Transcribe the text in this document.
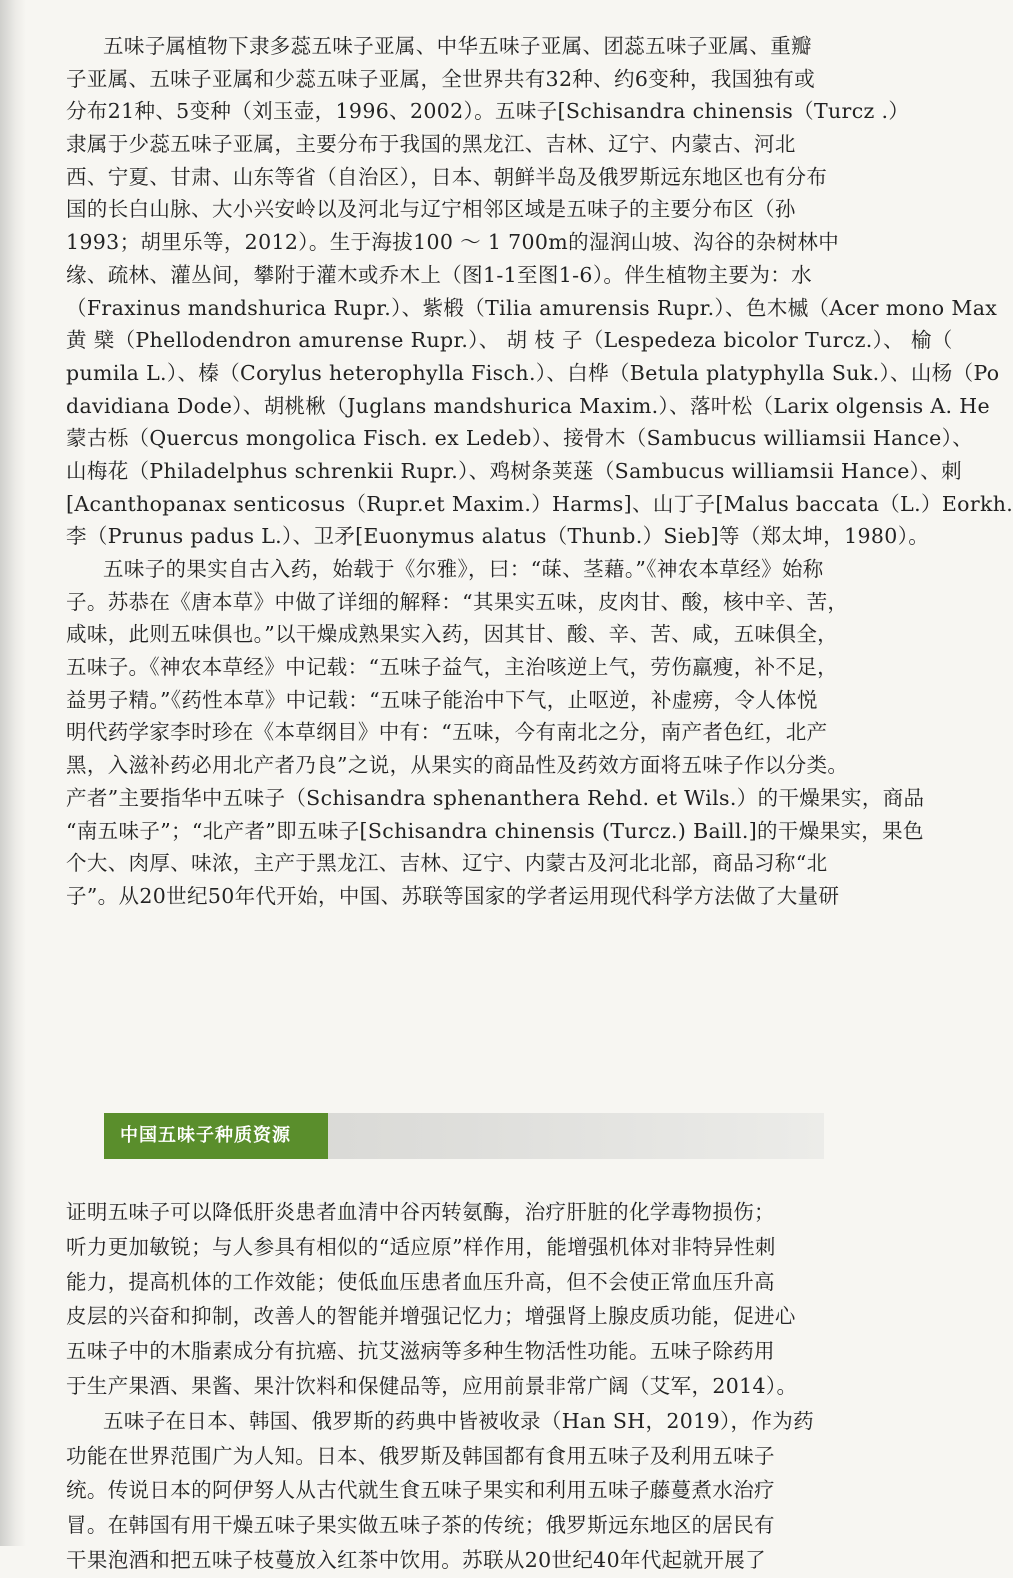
五味子属植物下隶多蕊五味子亚属、中华五味子亚属、团蕊五味子亚属、重瓣
子亚属、五味子亚属和少蕊五味子亚属，全世界共有32种、约6变种，我国独有或
分布21种、5变种（刘玉壶，1996、2002）。五味子[Schisandra chinensis（Turcz .）
隶属于少蕊五味子亚属，主要分布于我国的黑龙江、吉林、辽宁、内蒙古、河北
西、宁夏、甘肃、山东等省（自治区），日本、朝鲜半岛及俄罗斯远东地区也有分布
国的长白山脉、大小兴安岭以及河北与辽宁相邻区域是五味子的主要分布区（孙
1993；胡里乐等，2012）。生于海拔100 ～ 1 700m的湿润山坡、沟谷的杂树林中
缘、疏林、灌丛间，攀附于灌木或乔木上（图1-1至图1-6）。伴生植物主要为：水
（Fraxinus mandshurica Rupr.）、紫椴（Tilia amurensis Rupr.）、色木槭（Acer mono Max
黄 檗（Phellodendron amurense Rupr.）、 胡 枝 子（Lespedeza bicolor Turcz.）、 榆（
pumila L.）、榛（Corylus heterophylla Fisch.）、白桦（Betula platyphylla Suk.）、山杨（Po
davidiana Dode）、胡桃楸（Juglans mandshurica Maxim.）、落叶松（Larix olgensis A. He
蒙古栎（Quercus mongolica Fisch. ex Ledeb）、接骨木（Sambucus williamsii Hance）、
山梅花（Philadelphus schrenkii Rupr.）、鸡树条荚蒾（Sambucus williamsii Hance）、刺
[Acanthopanax senticosus（Rupr.et Maxim.）Harms]、山丁子[Malus baccata（L.）Eorkh.
李（Prunus padus L.）、卫矛[Euonymus alatus（Thunb.）Sieb]等（郑太坤，1980）。
五味子的果实自古入药，始载于《尔雅》，曰：“菋、茎藉。”《神农本草经》始称
子。苏恭在《唐本草》中做了详细的解释：“其果实五味，皮肉甘、酸，核中辛、苦，
咸味，此则五味俱也。”以干燥成熟果实入药，因其甘、酸、辛、苦、咸，五味俱全，
五味子。《神农本草经》中记载：“五味子益气，主治咳逆上气，劳伤羸瘦，补不足，
益男子精。”《药性本草》中记载：“五味子能治中下气，止呕逆，补虚痨，令人体悦
明代药学家李时珍在《本草纲目》中有：“五味，今有南北之分，南产者色红，北产
黑，入滋补药必用北产者乃良”之说，从果实的商品性及药效方面将五味子作以分类。
产者”主要指华中五味子（Schisandra sphenanthera Rehd. et Wils.）的干燥果实，商品
“南五味子”；“北产者”即五味子[Schisandra chinensis (Turcz.) Baill.]的干燥果实，果色
个大、肉厚、味浓，主产于黑龙江、吉林、辽宁、内蒙古及河北北部，商品习称“北
子”。从20世纪50年代开始，中国、苏联等国家的学者运用现代科学方法做了大量研
中国五味子种质资源
证明五味子可以降低肝炎患者血清中谷丙转氨酶，治疗肝脏的化学毒物损伤；
听力更加敏锐；与人参具有相似的“适应原”样作用，能增强机体对非特异性刺
能力，提高机体的工作效能；使低血压患者血压升高，但不会使正常血压升高
皮层的兴奋和抑制，改善人的智能并增强记忆力；增强肾上腺皮质功能，促进心
五味子中的木脂素成分有抗癌、抗艾滋病等多种生物活性功能。五味子除药用
于生产果酒、果酱、果汁饮料和保健品等，应用前景非常广阔（艾军，2014）。
五味子在日本、韩国、俄罗斯的药典中皆被收录（Han SH，2019），作为药
功能在世界范围广为人知。日本、俄罗斯及韩国都有食用五味子及利用五味子
统。传说日本的阿伊努人从古代就生食五味子果实和利用五味子藤蔓煮水治疗
冒。在韩国有用干燥五味子果实做五味子茶的传统；俄罗斯远东地区的居民有
干果泡酒和把五味子枝蔓放入红茶中饮用。苏联从20世纪40年代起就开展了
